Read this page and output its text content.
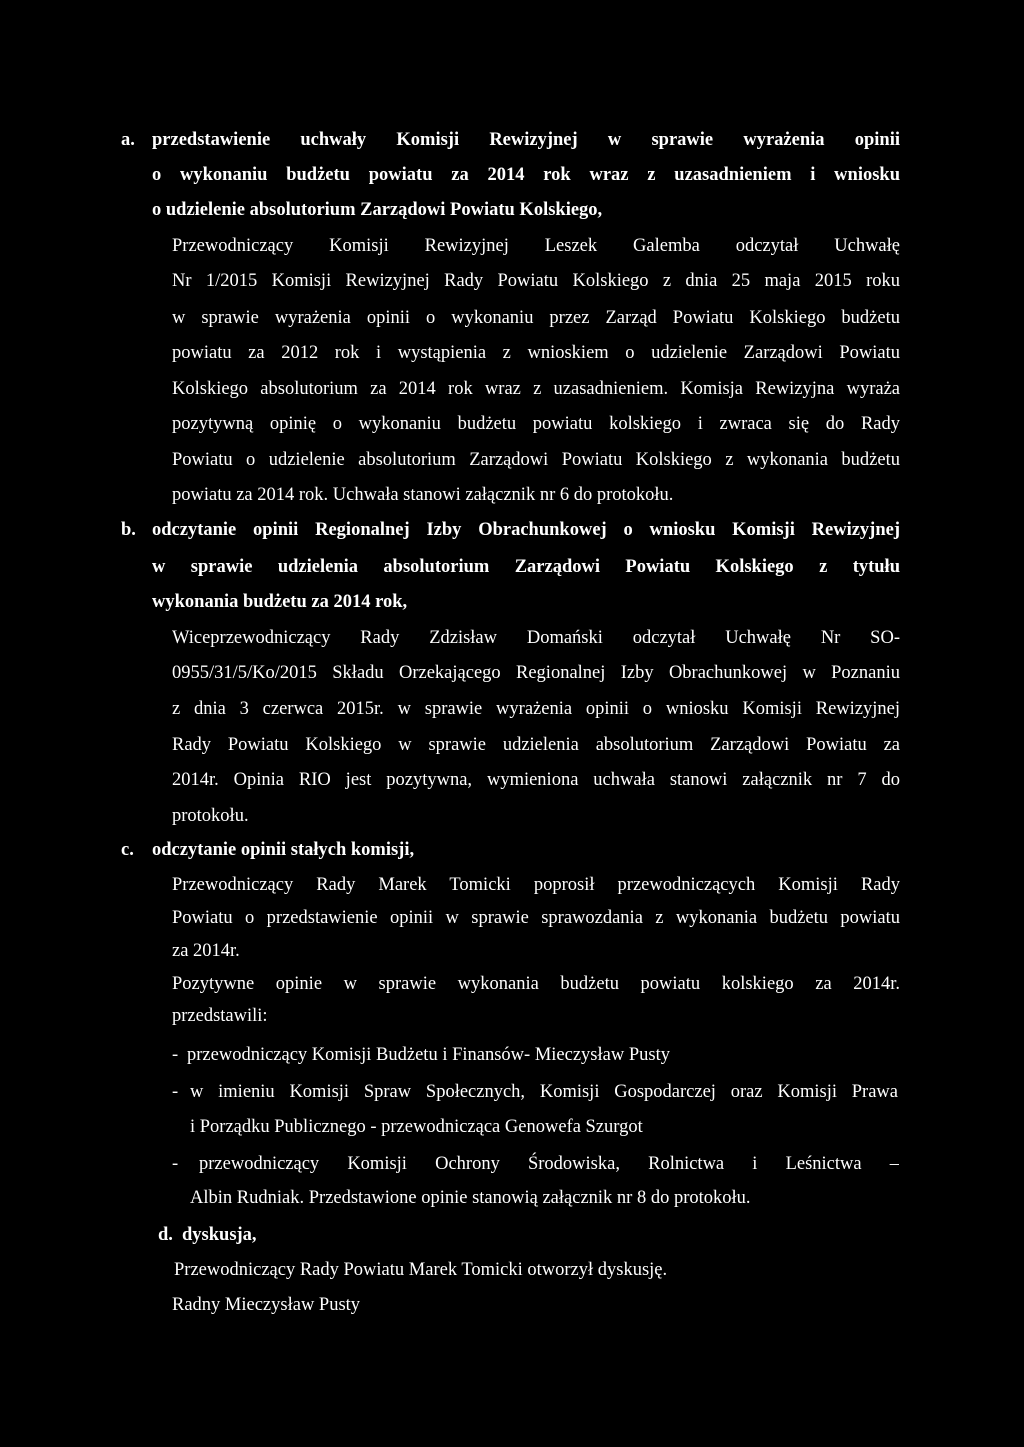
a. przedstawienie uchwały Komisji Rewizyjnej w sprawie wyrażenia opinii
o wykonaniu budżetu powiatu za 2014 rok wraz z uzasadnieniem i wniosku
o udzielenie absolutorium Zarządowi Powiatu Kolskiego,
Przewodniczący Komisji Rewizyjnej Leszek Galemba odczytał Uchwałę
Nr 1/2015 Komisji Rewizyjnej Rady Powiatu Kolskiego z dnia 25 maja 2015 roku
w sprawie wyrażenia opinii o wykonaniu przez Zarząd Powiatu Kolskiego budżetu
powiatu za 2012 rok i wystąpienia z wnioskiem o udzielenie Zarządowi Powiatu
Kolskiego absolutorium za 2014 rok wraz z uzasadnieniem. Komisja Rewizyjna wyraża
pozytywną opinię o wykonaniu budżetu powiatu kolskiego i zwraca się do Rady
Powiatu o udzielenie absolutorium Zarządowi Powiatu Kolskiego z wykonania budżetu
powiatu za 2014 rok. Uchwała stanowi załącznik nr 6 do protokołu.
b. odczytanie opinii Regionalnej Izby Obrachunkowej o wniosku Komisji Rewizyjnej
w sprawie udzielenia absolutorium Zarządowi Powiatu Kolskiego z tytułu
wykonania budżetu za 2014 rok,
Wiceprzewodniczący Rady Zdzisław Domański odczytał Uchwałę Nr SO-
0955/31/5/Ko/2015 Składu Orzekającego Regionalnej Izby Obrachunkowej w Poznaniu
z dnia 3 czerwca 2015r. w sprawie wyrażenia opinii o wniosku Komisji Rewizyjnej
Rady Powiatu Kolskiego w sprawie udzielenia absolutorium Zarządowi Powiatu za
2014r. Opinia RIO jest pozytywna, wymieniona uchwała stanowi załącznik nr 7 do
protokołu.
c. odczytanie opinii stałych komisji,
Przewodniczący Rady Marek Tomicki poprosił przewodniczących Komisji Rady
Powiatu o przedstawienie opinii w sprawie sprawozdania z wykonania budżetu powiatu
za 2014r.
Pozytywne opinie w sprawie wykonania budżetu powiatu kolskiego za 2014r.
przedstawili:
- przewodniczący Komisji Budżetu i Finansów- Mieczysław Pusty
- w imieniu Komisji Spraw Społecznych, Komisji Gospodarczej oraz Komisji Prawa
i Porządku Publicznego - przewodnicząca Genowefa Szurgot
- przewodniczący Komisji Ochrony Środowiska, Rolnictwa i Leśnictwa –
Albin Rudniak. Przedstawione opinie stanowią załącznik nr 8 do protokołu.
d. dyskusja,
Przewodniczący Rady Powiatu Marek Tomicki otworzył dyskusję.
Radny Mieczysław Pusty
